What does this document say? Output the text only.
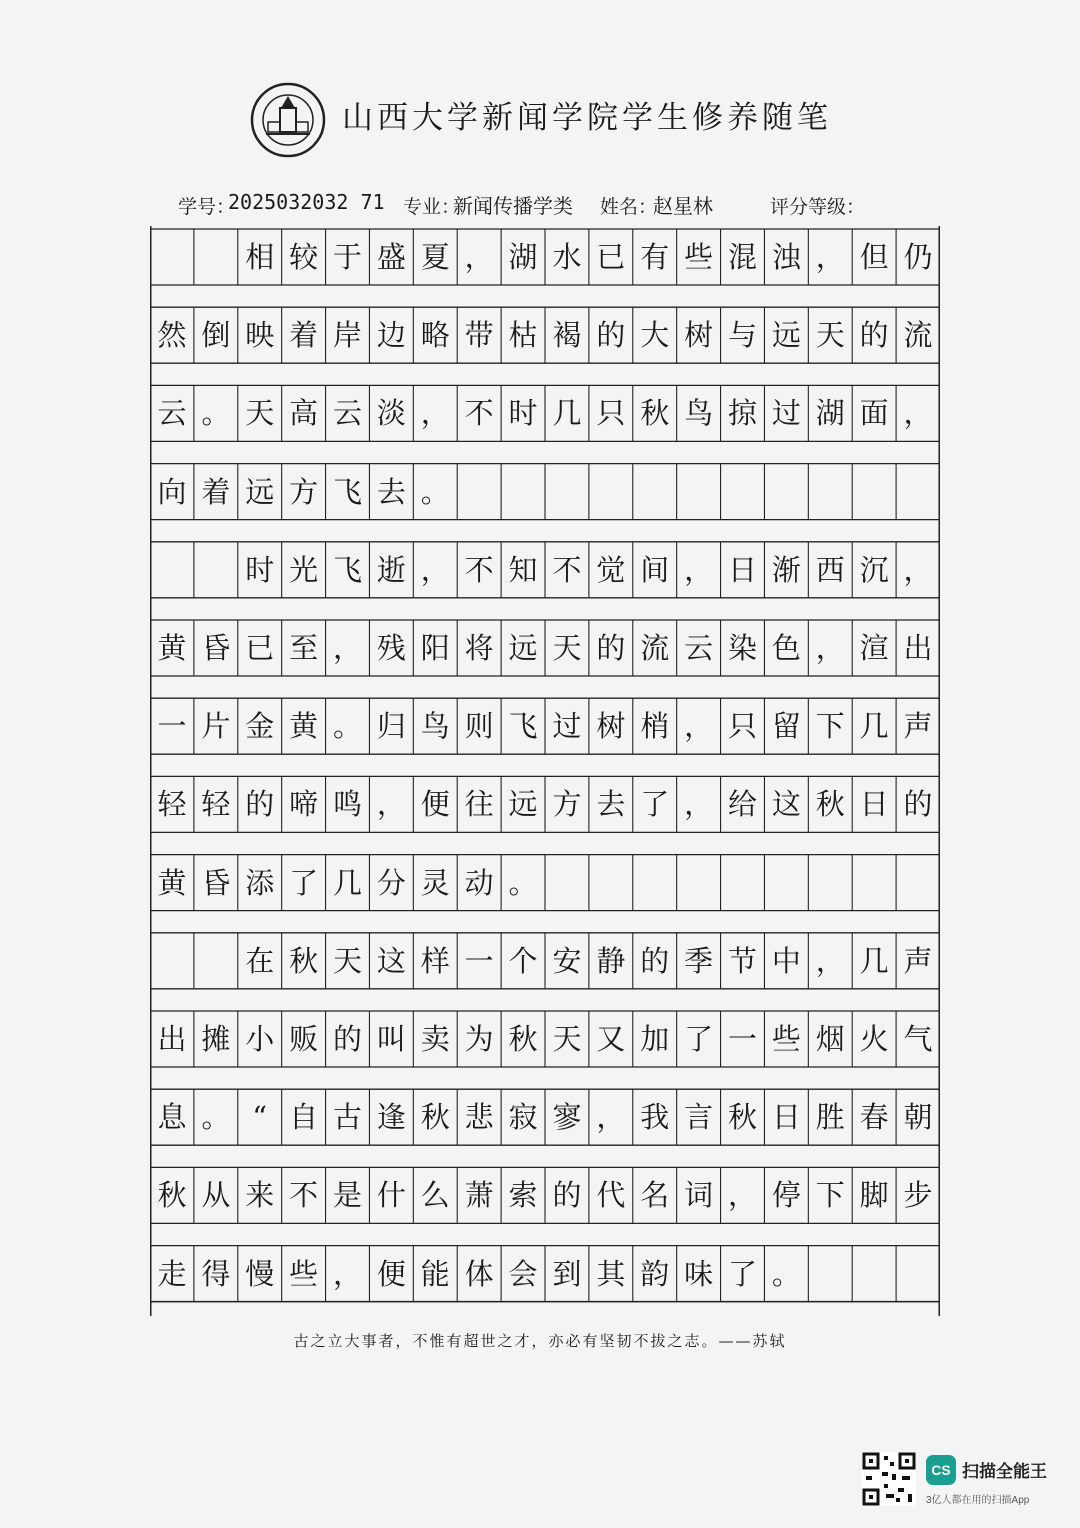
山西大学新闻学院学生修养随笔
学号：
2025032032 71 专业：
新闻传播学类 姓名：
赵星林	评分等级：
相 较 于 盛 夏 ， 湖 水 已 有 些 混 浊 ， 但 仍
然 倒 映 着 岸 边 略 带 枯 褐 的 大 树 与 远 天 的 流
云 。 天 高 云 淡 ， 不 时 几 只 秋 鸟 掠 过 湖 面 ，
向 着 远 方 飞 去 。
时 光 飞 逝 ， 不 知 不 觉 间 ， 日 渐 西 沉 ，
黄 昏 已 至 ， 残 阳 将 远 天 的 流 云 染 色 ， 渲 出
一 片 金 黄 。 归 鸟 则 飞 过 树 梢 ， 只 留 下 几 声
轻 轻 的 啼 鸣 ， 便 往 远 方 去 了 ， 给 这 秋 日 的
黄 昏 添 了 几 分 灵 动 。
在 秋 天 这 样 一 个 安 静 的 季 节 中 ， 几 声
出 摊 小 贩 的 叫 卖 为 秋 天 又 加 了 一 些 烟 火 气
息 。 “ 自 古 逢 秋 悲 寂 寥 ， 我 言 秋 日 胜 春 朝
秋 从 来 不 是 什 么 萧 索 的 代 名 词 ， 停 下 脚 步
走 得 慢 些 ， 便 能 体 会 到 其 韵 味 了 。
古之立大事者，不惟有超世之才，亦必有坚韧不拔之志。——苏轼
CS 扫描全能王
3亿人都在用的扫描App
